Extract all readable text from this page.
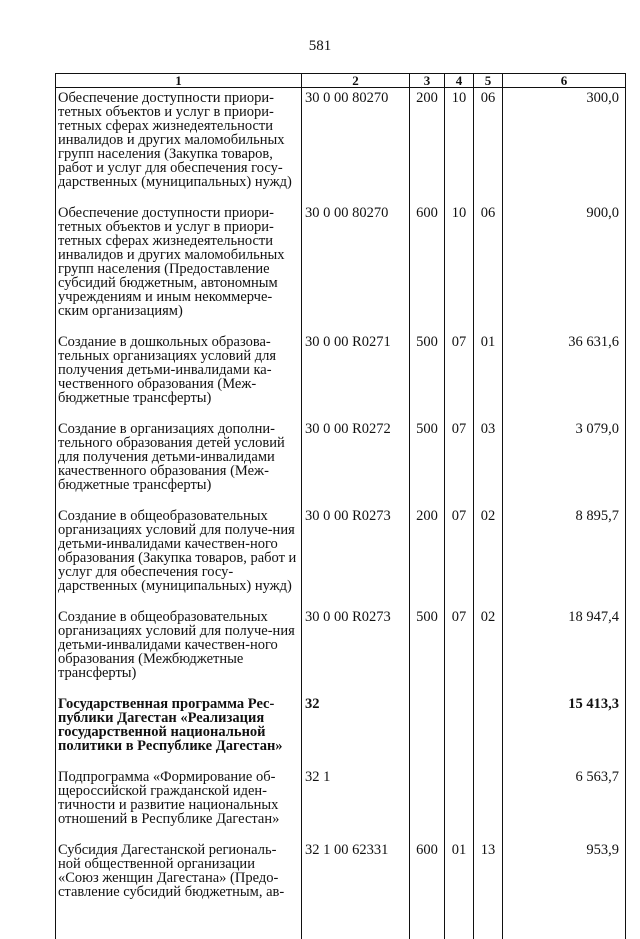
581
1	2	3	4	5	6
Обеспечение доступности приори-тетных объектов и услуг в приори-тетных сферах жизнедеятельности инвалидов и других маломобильных групп населения (Закупка товаров, работ и услуг для обеспечения госу-дарственных (муниципальных) нужд)	30 0 00 80270	200	10	06	300,0
Обеспечение доступности приори-тетных объектов и услуг в приори-тетных сферах жизнедеятельности инвалидов и других маломобильных групп населения (Предоставление субсидий бюджетным, автономным учреждениям и иным некоммерче-ским организациям)	30 0 00 80270	600	10	06	900,0
Создание в дошкольных образова-тельных организациях условий для получения детьми-инвалидами ка-чественного образования (Меж-бюджетные трансферты)	30 0 00 R0271	500	07	01	36 631,6
Создание в организациях дополни-тельного образования детей условий для получения детьми-инвалидами качественного образования (Меж-бюджетные трансферты)	30 0 00 R0272	500	07	03	3 079,0
Создание в общеобразовательных организациях условий для получе-ния детьми-инвалидами качествен-ного образования (Закупка товаров, работ и услуг для обеспечения госу-дарственных (муниципальных) нужд)	30 0 00 R0273	200	07	02	8 895,7
Создание в общеобразовательных организациях условий для получе-ния детьми-инвалидами качествен-ного образования (Межбюджетные трансферты)	30 0 00 R0273	500	07	02	18 947,4
Государственная программа Рес-публики Дагестан «Реализация государственной национальной политики в Республике Дагестан»	32				15 413,3
Подпрограмма «Формирование об-щероссийской гражданской иден-тичности и развитие национальных отношений в Республике Дагестан»	32 1				6 563,7
Субсидия Дагестанской региональ-ной общественной организации «Союз женщин Дагестана» (Предо-ставление субсидий бюджетным, ав-	32 1 00 62331	600	01	13	953,9
